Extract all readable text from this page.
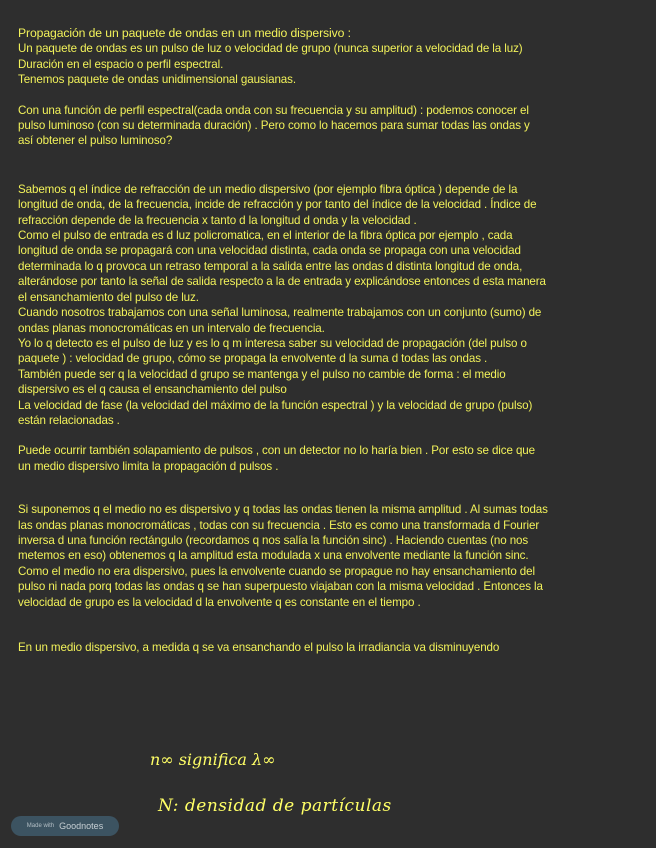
Propagación de un paquete de ondas en un medio dispersivo :

Un paquete de ondas es un pulso de luz o velocidad de grupo (nunca superior a velocidad de la luz)

Duración en el espacio o perfil espectral.

Tenemos paquete de ondas unidimensional gausianas.

Con una función de perfil espectral(cada onda con su frecuencia y su amplitud) : podemos conocer el

pulso luminoso (con su determinada duración) . Pero como lo hacemos para sumar todas las ondas y

así obtener el pulso luminoso?

Sabemos q el índice de refracción de un medio dispersivo (por ejemplo fibra óptica ) depende de la

longitud de onda, de la frecuencia, incide de refracción y por tanto del índice de la velocidad . Índice de

refracción depende de la frecuencia x tanto d la longitud d onda y la velocidad .

Como el pulso de entrada es d luz policromatica, en el interior de la fibra óptica por ejemplo , cada

longitud de onda se propagará con una velocidad distinta, cada onda se propaga con una velocidad

determinada lo q provoca un retraso temporal a la salida entre las ondas d distinta longitud de onda,

alterándose por tanto la señal de salida respecto a la de entrada y explicándose entonces d esta manera

el ensanchamiento del pulso de luz.

Cuando nosotros trabajamos con una señal luminosa, realmente trabajamos con un conjunto (sumo) de

ondas planas monocromáticas en un intervalo de frecuencia.

Yo lo q detecto es el pulso de luz y es lo q m interesa saber su velocidad de propagación (del pulso o

paquete ) : velocidad de grupo, cómo se propaga la envolvente d la suma d todas las ondas .

También puede ser q la velocidad d grupo se mantenga y el pulso no cambie de forma : el medio

dispersivo es el q causa el ensanchamiento del pulso

La velocidad de fase (la velocidad del máximo de la función espectral ) y la velocidad de grupo (pulso)

están relacionadas .

Puede ocurrir también solapamiento de pulsos , con un detector no lo haría bien . Por esto se dice que

un medio dispersivo limita la propagación d pulsos .

Si suponemos q el medio no es dispersivo y q todas las ondas tienen la misma amplitud . Al sumas todas

las ondas planas monocromáticas , todas con su frecuencia . Esto es como una transformada d Fourier

inversa d una función rectángulo (recordamos q nos salía la función sinc) . Haciendo cuentas (no nos

metemos en eso) obtenemos q la amplitud esta modulada x una envolvente mediante la función sinc.

Como el medio no era dispersivo, pues la envolvente cuando se propague no hay ensanchamiento del

pulso ni nada porq todas las ondas q se han superpuesto viajaban con la misma velocidad . Entonces la

velocidad de grupo es la velocidad d la envolvente q es constante en el tiempo .

En un medio dispersivo, a medida q se va ensanchando el pulso la irradiancia va disminuyendo

n∞ significa λ∞
N: densidad de partículas
Made with Goodnotes
